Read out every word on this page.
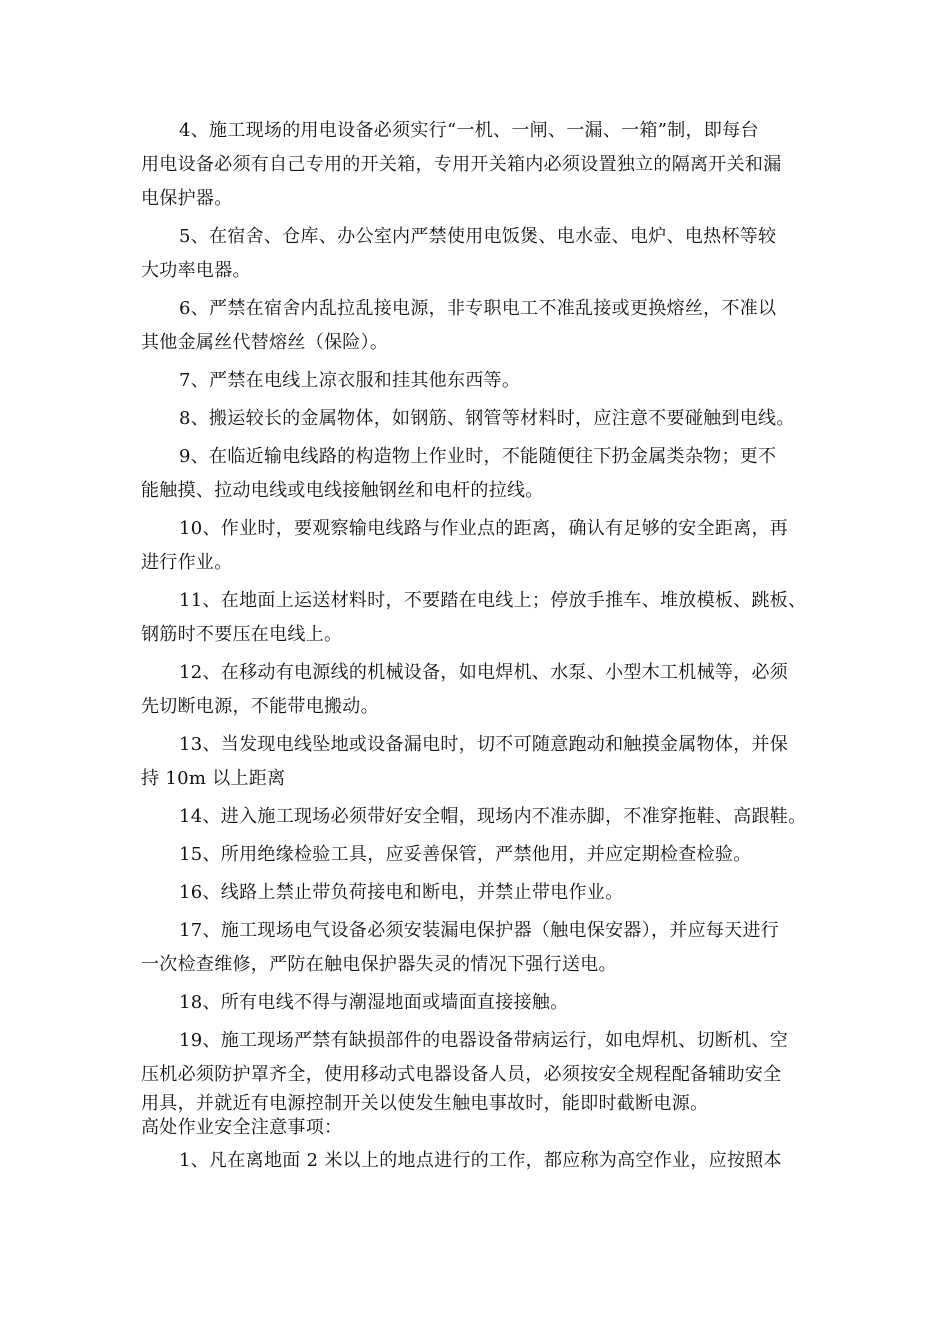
4、施工现场的用电设备必须实行“一机、一闸、一漏、一箱”制，即每台
用电设备必须有自己专用的开关箱，专用开关箱内必须设置独立的隔离开关和漏
电保护器。
5、在宿舍、仓库、办公室内严禁使用电饭煲、电水壶、电炉、电热杯等较
大功率电器。
6、严禁在宿舍内乱拉乱接电源，非专职电工不准乱接或更换熔丝，不准以
其他金属丝代替熔丝（保险）。
7、严禁在电线上凉衣服和挂其他东西等。
8、搬运较长的金属物体，如钢筋、钢管等材料时，应注意不要碰触到电线。
9、在临近输电线路的构造物上作业时，不能随便往下扔金属类杂物；更不
能触摸、拉动电线或电线接触钢丝和电杆的拉线。
10、作业时，要观察输电线路与作业点的距离，确认有足够的安全距离，再
进行作业。
11、在地面上运送材料时，不要踏在电线上；停放手推车、堆放模板、跳板、
钢筋时不要压在电线上。
12、在移动有电源线的机械设备，如电焊机、水泵、小型木工机械等，必须
先切断电源，不能带电搬动。
13、当发现电线坠地或设备漏电时，切不可随意跑动和触摸金属物体，并保
持 10m 以上距离
14、进入施工现场必须带好安全帽，现场内不准赤脚，不准穿拖鞋、高跟鞋。
15、所用绝缘检验工具，应妥善保管，严禁他用，并应定期检查检验。
16、线路上禁止带负荷接电和断电，并禁止带电作业。
17、施工现场电气设备必须安装漏电保护器（触电保安器），并应每天进行
一次检查维修，严防在触电保护器失灵的情况下强行送电。
18、所有电线不得与潮湿地面或墙面直接接触。
19、施工现场严禁有缺损部件的电器设备带病运行，如电焊机、切断机、空
压机必须防护罩齐全，使用移动式电器设备人员，必须按安全规程配备辅助安全
用具，并就近有电源控制开关以使发生触电事故时，能即时截断电源。
高处作业安全注意事项：
1、凡在离地面 2 米以上的地点进行的工作，都应称为高空作业，应按照本
